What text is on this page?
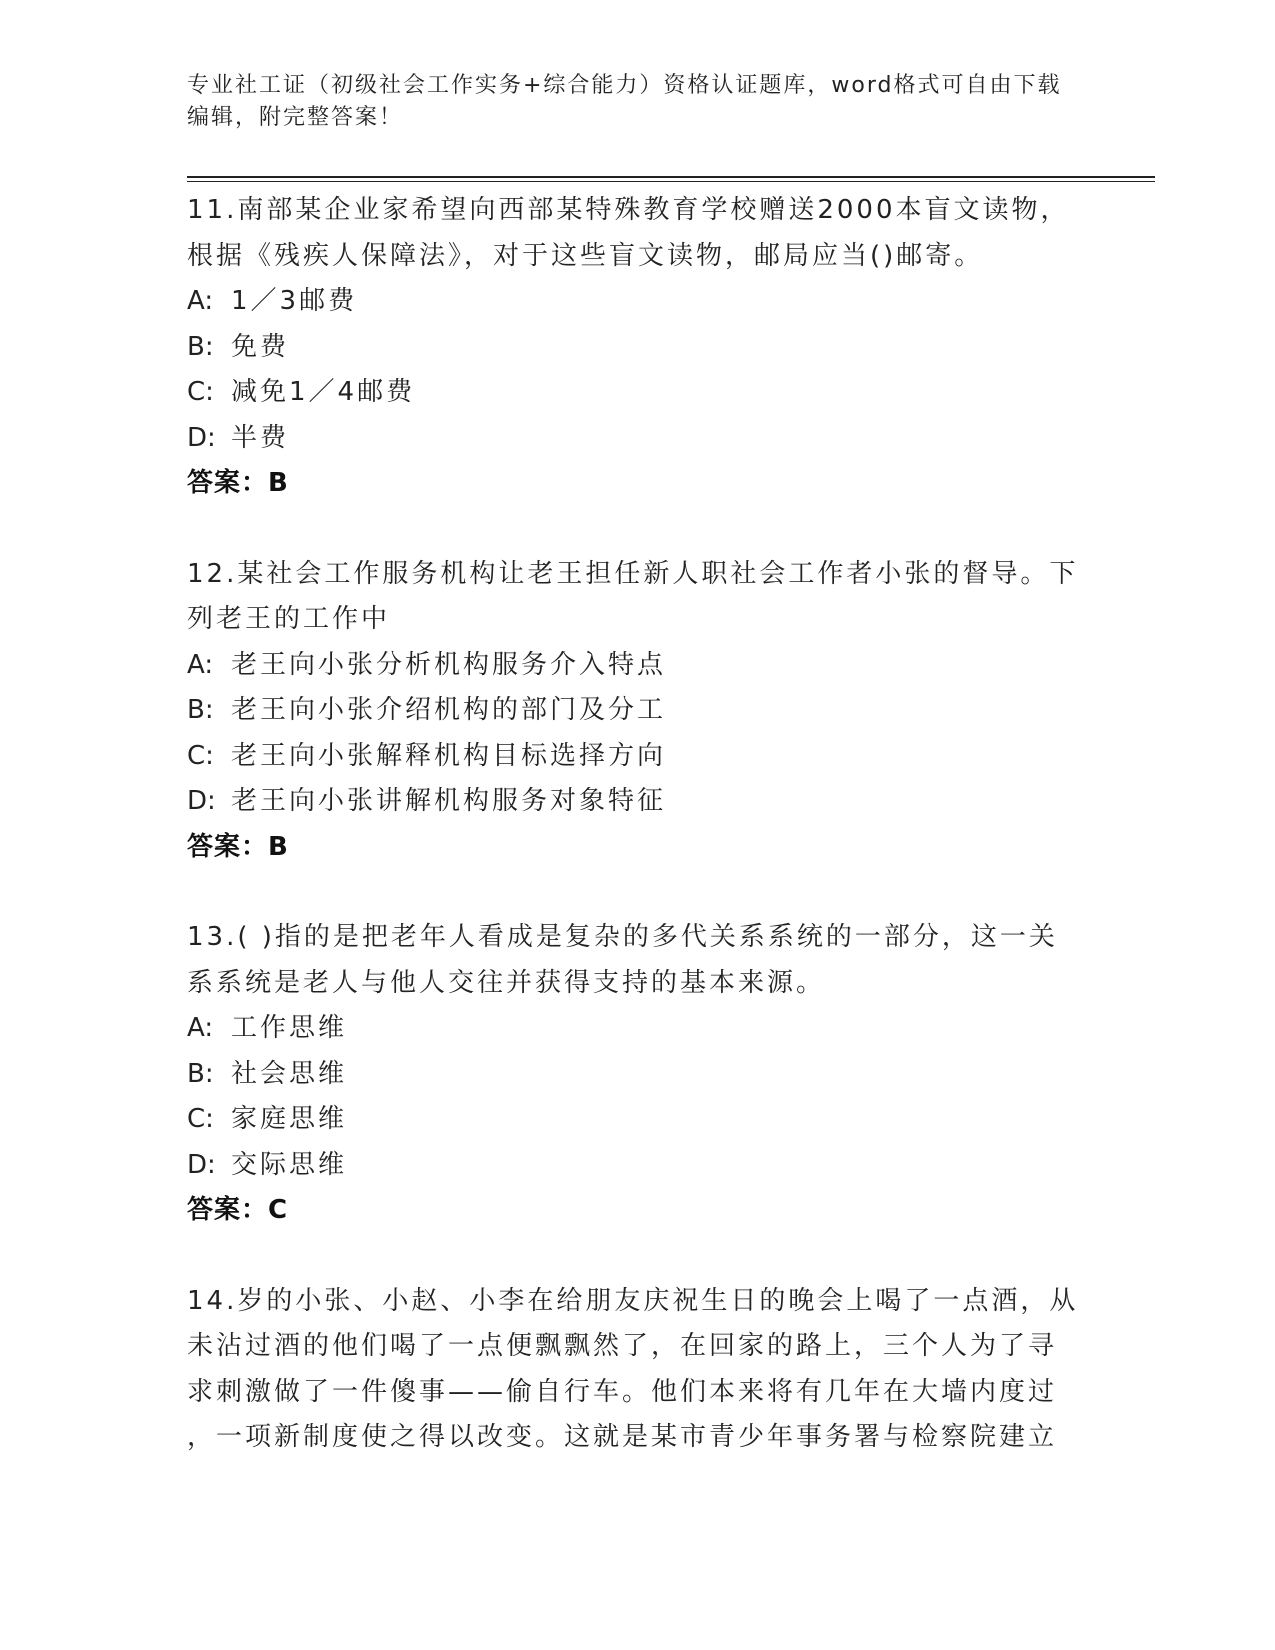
专业社工证（初级社会工作实务+综合能力）资格认证题库，word格式可自由下载
编辑，附完整答案！
11.南部某企业家希望向西部某特殊教育学校赠送2000本盲文读物，
根据《残疾人保障法》，对于这些盲文读物，邮局应当()邮寄。
A: 1／3邮费
B: 免费
C: 减免1／4邮费
D: 半费
答案：B
12.某社会工作服务机构让老王担任新人职社会工作者小张的督导。下
列老王的工作中
A: 老王向小张分析机构服务介入特点
B: 老王向小张介绍机构的部门及分工
C: 老王向小张解释机构目标选择方向
D: 老王向小张讲解机构服务对象特征
答案：B
13.( )指的是把老年人看成是复杂的多代关系系统的一部分，这一关
系系统是老人与他人交往并获得支持的基本来源。
A: 工作思维
B: 社会思维
C: 家庭思维
D: 交际思维
答案：C
14.岁的小张、小赵、小李在给朋友庆祝生日的晚会上喝了一点酒，从
未沾过酒的他们喝了一点便飘飘然了，在回家的路上，三个人为了寻
求刺激做了一件傻事——偷自行车。他们本来将有几年在大墙内度过
，一项新制度使之得以改变。这就是某市青少年事务署与检察院建立
